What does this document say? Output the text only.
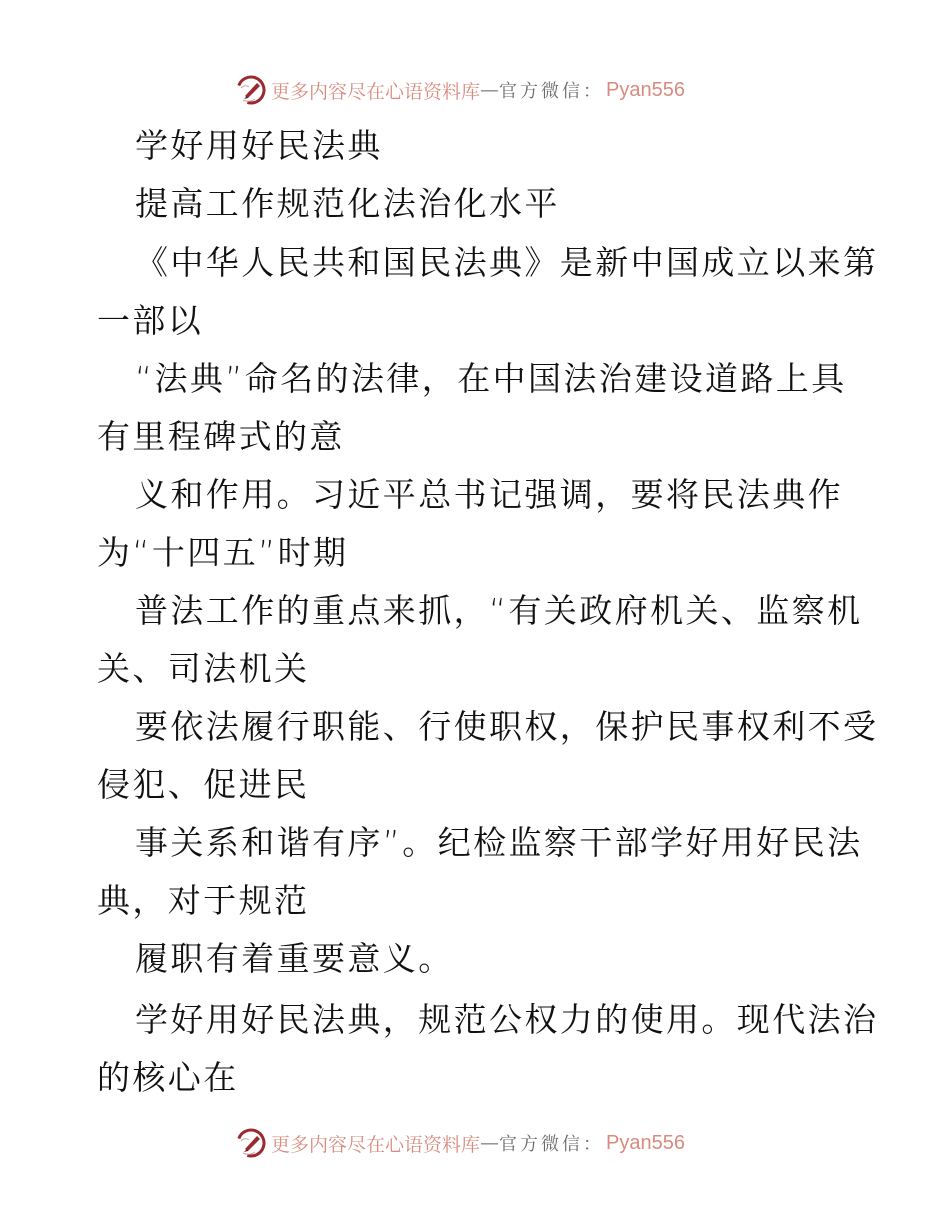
更多内容尽在心语资料库 — 官方微信： Pyan556
学好用好民法典
提高工作规范化法治化水平
《中华人民共和国民法典》是新中国成立以来第
一部以
“法典”命名的法律，在中国法治建设道路上具
有里程碑式的意
义和作用。习近平总书记强调，要将民法典作
为“十四五”时期
普法工作的重点来抓，“有关政府机关、监察机
关、司法机关
要依法履行职能、行使职权，保护民事权利不受
侵犯、促进民
事关系和谐有序”。纪检监察干部学好用好民法
典，对于规范
履职有着重要意义。
学好用好民法典，规范公权力的使用。现代法治
的核心在
更多内容尽在心语资料库 — 官方微信： Pyan556
